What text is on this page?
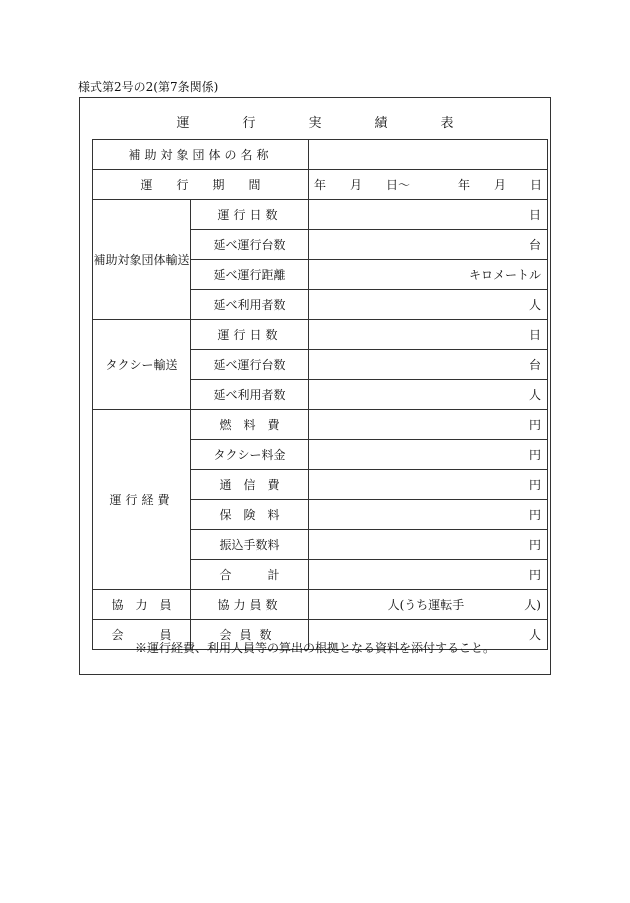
様式第2号の2(第7条関係)
運　行　実　績　表
補助対象団体の名称		
運　　行　　期　　間		年　　月　　日〜　　　　年　　月　　日
補助対象団体輸送	運行日数	日
	延べ運行台数	台
	延べ運行距離	キロメートル
	延べ利用者数	人
タクシー輸送	運行日数	日
	延べ運行台数	台
	延べ利用者数	人
運行経費	燃　料　費	円
	タクシー料金	円
	通　信　費	円
	保　険　料	円
	振込手数料	円
	合　　　計	円
協　力　員	協力員数	人(うち運転手　　　　　人)
会　　　員	会員数	人
※運行経費、利用人員等の算出の根拠となる資料を添付すること。
